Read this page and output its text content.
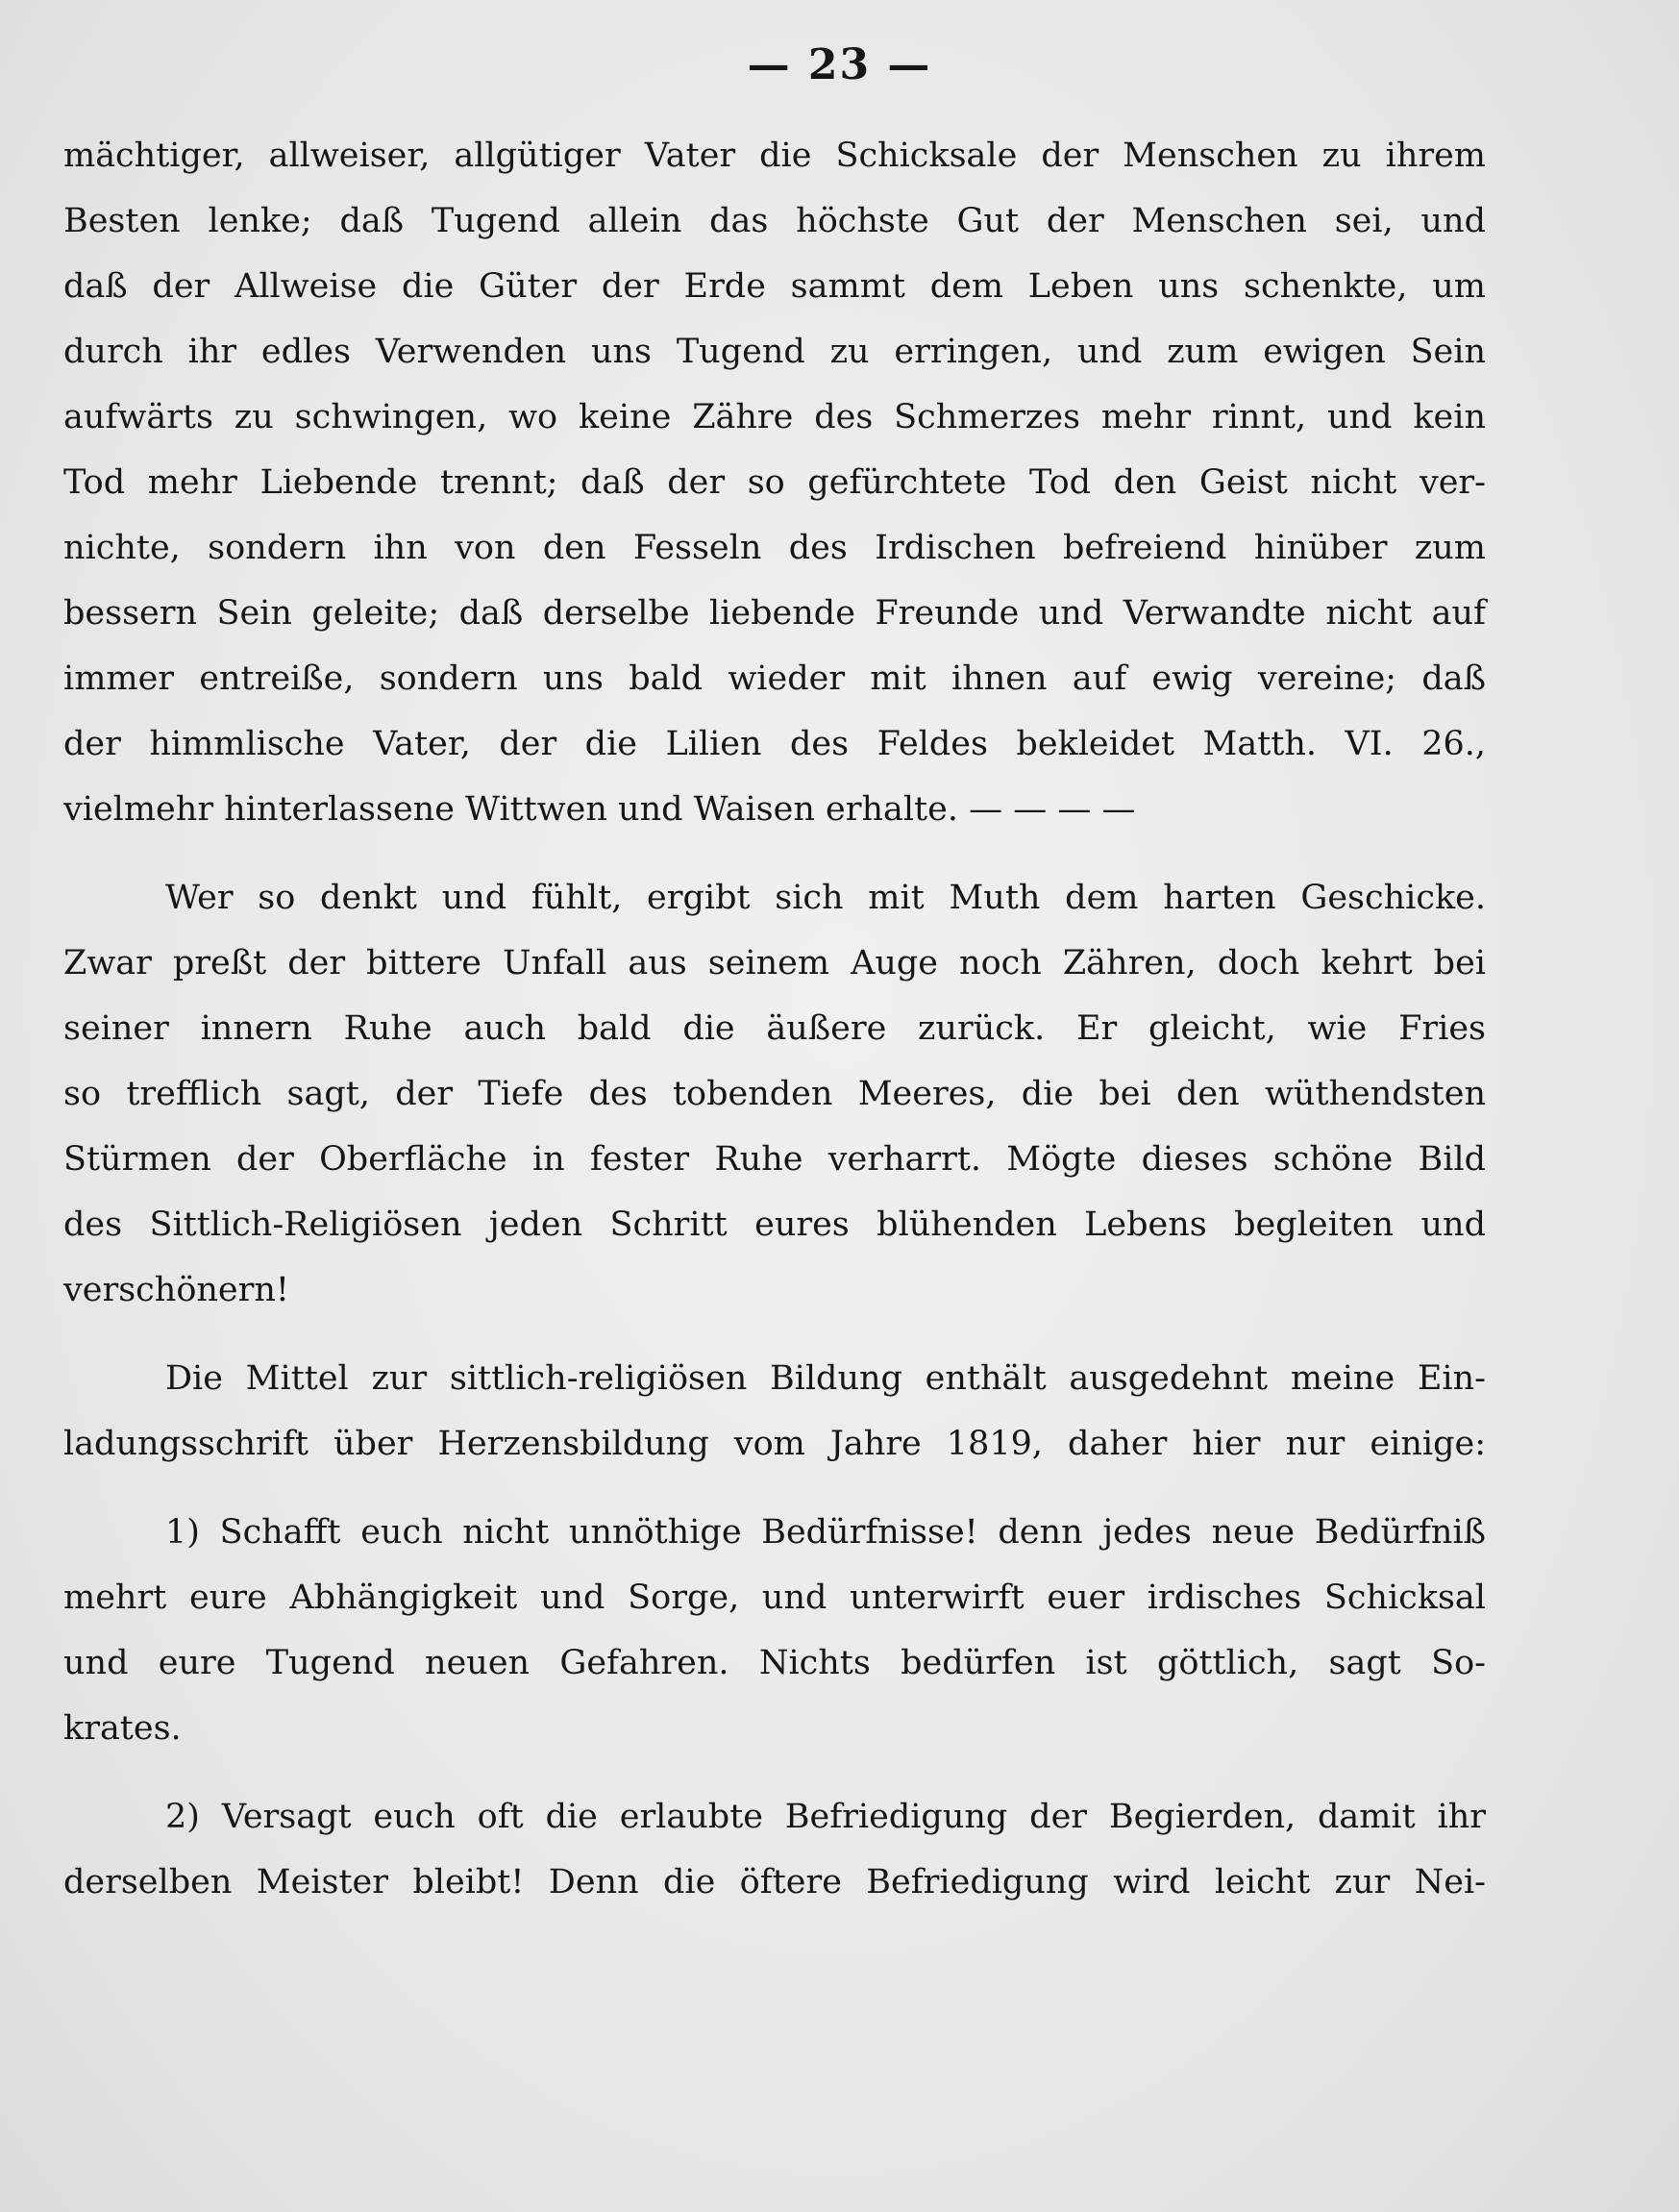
— 23 —
mächtiger, allweiser, allgütiger Vater die Schicksale der Menschen zu ihrem
Besten lenke; daß Tugend allein das höchste Gut der Menschen sei, und
daß der Allweise die Güter der Erde sammt dem Leben uns schenkte, um
durch ihr edles Verwenden uns Tugend zu erringen, und zum ewigen Sein
aufwärts zu schwingen, wo keine Zähre des Schmerzes mehr rinnt, und kein
Tod mehr Liebende trennt; daß der so gefürchtete Tod den Geist nicht ver-
nichte, sondern ihn von den Fesseln des Irdischen befreiend hinüber zum
bessern Sein geleite; daß derselbe liebende Freunde und Verwandte nicht auf
immer entreiße, sondern uns bald wieder mit ihnen auf ewig vereine; daß
der himmlische Vater, der die Lilien des Feldes bekleidet Matth. VI. 26.,
vielmehr hinterlassene Wittwen und Waisen erhalte. — — — —
Wer so denkt und fühlt, ergibt sich mit Muth dem harten Geschicke.
Zwar preßt der bittere Unfall aus seinem Auge noch Zähren, doch kehrt bei
seiner innern Ruhe auch bald die äußere zurück. Er gleicht, wie Fries
so trefflich sagt, der Tiefe des tobenden Meeres, die bei den wüthendsten
Stürmen der Oberfläche in fester Ruhe verharrt. Mögte dieses schöne Bild
des Sittlich-Religiösen jeden Schritt eures blühenden Lebens begleiten und
verschönern!
Die Mittel zur sittlich-religiösen Bildung enthält ausgedehnt meine Ein-
ladungsschrift über Herzensbildung vom Jahre 1819, daher hier nur einige:
1) Schafft euch nicht unnöthige Bedürfnisse! denn jedes neue Bedürfniß
mehrt eure Abhängigkeit und Sorge, und unterwirft euer irdisches Schicksal
und eure Tugend neuen Gefahren. Nichts bedürfen ist göttlich, sagt So-
krates.
2) Versagt euch oft die erlaubte Befriedigung der Begierden, damit ihr
derselben Meister bleibt! Denn die öftere Befriedigung wird leicht zur Nei-
